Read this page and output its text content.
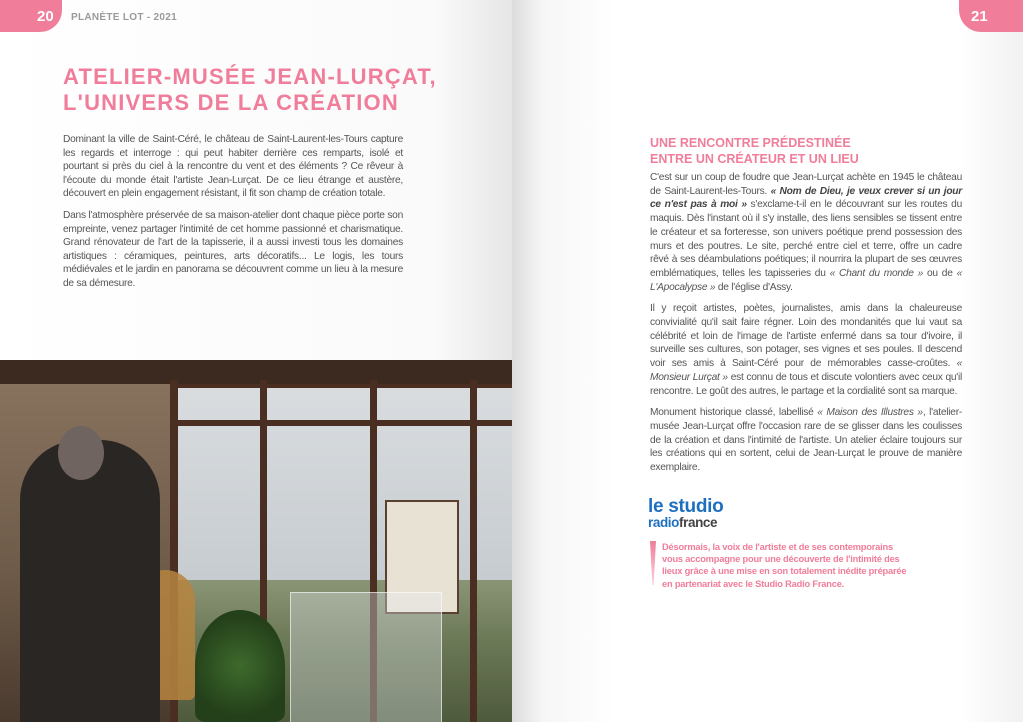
20 PLANÈTE LOT - 2021	21
ATELIER-MUSÉE JEAN-LURÇAT,
L'UNIVERS DE LA CRÉATION

Dominant la ville de Saint-Céré, le château de Saint-Laurent-les-Tours capture les regards et interroge : qui peut habiter derrière ces remparts, isolé et pourtant si près du ciel à la rencontre du vent et des éléments ? Ce rêveur à l'écoute du monde était l'artiste Jean-Lurçat. De ce lieu étrange et austère, découvert en plein engagement résistant, il fit son champ de création totale.

Dans l'atmosphère préservée de sa maison-atelier dont chaque pièce porte son empreinte, venez partager l'intimité de cet homme passionné et charismatique. Grand rénovateur de l'art de la tapisserie, il a aussi investi tous les domaines artistiques : céramiques, peintures, arts décoratifs... Le logis, les tours médiévales et le jardin en panorama se découvrent comme un lieu à la mesure de sa démesure.

UNE RENCONTRE PRÉDESTINÉE
ENTRE UN CRÉATEUR ET UN LIEU

C'est sur un coup de foudre que Jean-Lurçat achète en 1945 le château de Saint-Laurent-les-Tours. « Nom de Dieu, je veux crever si un jour ce n'est pas à moi » s'exclame-t-il en le découvrant sur les routes du maquis. Dès l'instant où il s'y installe, des liens sensibles se tissent entre le créateur et sa forteresse, son univers poétique prend possession des murs et des poutres. Le site, perché entre ciel et terre, offre un cadre rêvé à ses déambulations poétiques; il nourrira la plupart de ses œuvres emblématiques, telles les tapisseries du « Chant du monde » ou de « L'Apocalypse » de l'église d'Assy.

Il y reçoit artistes, poètes, journalistes, amis dans la chaleureuse convivialité qu'il sait faire régner. Loin des mondanités que lui vaut sa célébrité et loin de l'image de l'artiste enfermé dans sa tour d'ivoire, il surveille ses cultures, son potager, ses vignes et ses poules. Il descend voir ses amis à Saint-Céré pour de mémorables casse-croûtes. « Monsieur Lurçat » est connu de tous et discute volontiers avec ceux qu'il rencontre. Le goût des autres, le partage et la cordialité sont sa marque.

Monument historique classé, labellisé « Maison des Illustres », l'atelier-musée Jean-Lurçat offre l'occasion rare de se glisser dans les coulisses de la création et dans l'intimité de l'artiste. Un atelier éclaire toujours sur les créations qui en sortent, celui de Jean-Lurçat le prouve de manière exemplaire.

le studio
radiofrance
Désormais, la voix de l'artiste et de ses contemporains vous accompagne pour une découverte de l'intimité des lieux grâce à une mise en son totalement inédite préparée en partenariat avec le Studio Radio France.
